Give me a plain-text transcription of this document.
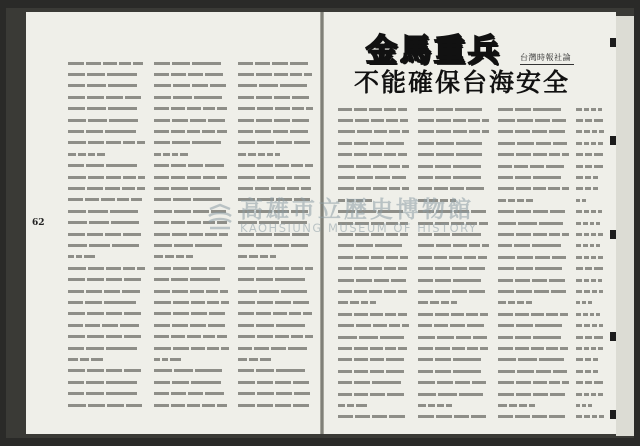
62
金馬重兵 台灣時報社論
不能確保台海安全
高雄市立歷史博物館
KAOHSIUNG MUSEUM OF HISTORY
